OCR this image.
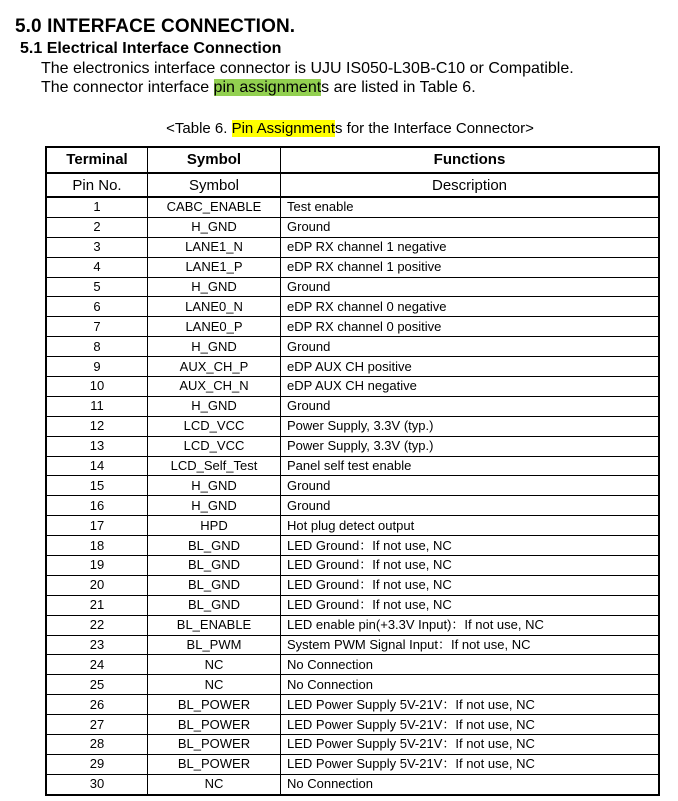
5.0 INTERFACE CONNECTION.
5.1 Electrical Interface Connection
The electronics interface connector is UJU IS050-L30B-C10 or Compatible.
The connector interface pin assignments are listed in Table 6.
<Table 6. Pin Assignments for the Interface Connector>
Terminal	Symbol	Functions
Pin No.	Symbol	Description
1	CABC_ENABLE	Test enable
2	H_GND	Ground
3	LANE1_N	eDP RX channel 1 negative
4	LANE1_P	eDP RX channel 1 positive
5	H_GND	Ground
6	LANE0_N	eDP RX channel 0 negative
7	LANE0_P	eDP RX channel 0 positive
8	H_GND	Ground
9	AUX_CH_P	eDP AUX CH positive
10	AUX_CH_N	eDP AUX CH negative
11	H_GND	Ground
12	LCD_VCC	Power Supply, 3.3V (typ.)
13	LCD_VCC	Power Supply, 3.3V (typ.)
14	LCD_Self_Test	Panel self test enable
15	H_GND	Ground
16	H_GND	Ground
17	HPD	Hot plug detect output
18	BL_GND	LED Ground：If not use, NC
19	BL_GND	LED Ground：If not use, NC
20	BL_GND	LED Ground：If not use, NC
21	BL_GND	LED Ground：If not use, NC
22	BL_ENABLE	LED enable pin(+3.3V Input)：If not use, NC
23	BL_PWM	System PWM Signal Input：If not use, NC
24	NC	No Connection
25	NC	No Connection
26	BL_POWER	LED Power Supply 5V-21V：If not use, NC
27	BL_POWER	LED Power Supply 5V-21V：If not use, NC
28	BL_POWER	LED Power Supply 5V-21V：If not use, NC
29	BL_POWER	LED Power Supply 5V-21V：If not use, NC
30	NC	No Connection
